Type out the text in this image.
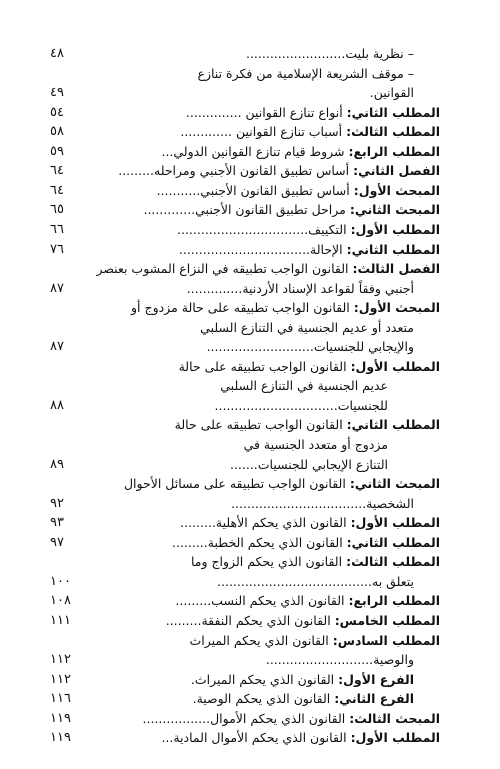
٤٨	– نظرية بليت.........................
– موقف الشريعة الإسلامية من فكرة تنازع
٤٩	القوانين.
٥٤	المطلب الثاني: أنواع تنازع القوانين ..............
٥٨	المطلب الثالث: أسباب تنازع القوانين .............
٥٩	المطلب الرابع: شروط قيام تنازع القوانين الدولي...
٦٤	الفصل الثاني: أساس تطبيق القانون الأجنبي ومراحله.........
٦٤	المبحث الأول: أساس تطبيق القانون الأجنبي...........
٦٥	المبحث الثاني: مراحل تطبيق القانون الأجنبي.............
٦٦	المطلب الأول: التكييف.................................
٧٦	المطلب الثاني: الإحالة.................................
الفصل الثالث: القانون الواجب تطبيقه في النزاع المشوب بعنصر
٨٧	أجنبي وفقاً لقواعد الإسناد الأردنية..............
المبحث الأول: القانون الواجب تطبيقه على حالة مزدوج أو
متعدد أو عديم الجنسية في التنازع السلبي
٨٧	والإيجابي للجنسيات...........................
المطلب الأول: القانون الواجب تطبيقه على حالة
عديم الجنسية في التنازع السلبي
٨٨	للجنسيات...............................
المطلب الثاني: القانون الواجب تطبيقه على حالة
مزدوج أو متعدد الجنسية في
٨٩	التنازع الإيجابي للجنسيات.......
المبحث الثاني: القانون الواجب تطبيقه على مسائل الأحوال
٩٢	الشخصية..................................
٩٣	المطلب الأول: القانون الذي يحكم الأهلية.........
٩٧	المطلب الثاني: القانون الذي يحكم الخطبة.........
المطلب الثالث: القانون الذي يحكم الزواج وما
١٠٠	يتعلق به.......................................
١٠٨	المطلب الرابع: القانون الذي يحكم النسب.........
١١١	المطلب الخامس: القانون الذي يحكم النفقة.........
المطلب السادس: القانون الذي يحكم الميراث
١١٢	والوصية...........................
١١٢	الفرع الأول: القانون الذي يحكم الميراث.
١١٦	الفرع الثاني: القانون الذي يحكم الوصية.
١١٩	المبحث الثالث: القانون الذي يحكم الأموال.................
١١٩	المطلب الأول: القانون الذي يحكم الأموال المادية...
